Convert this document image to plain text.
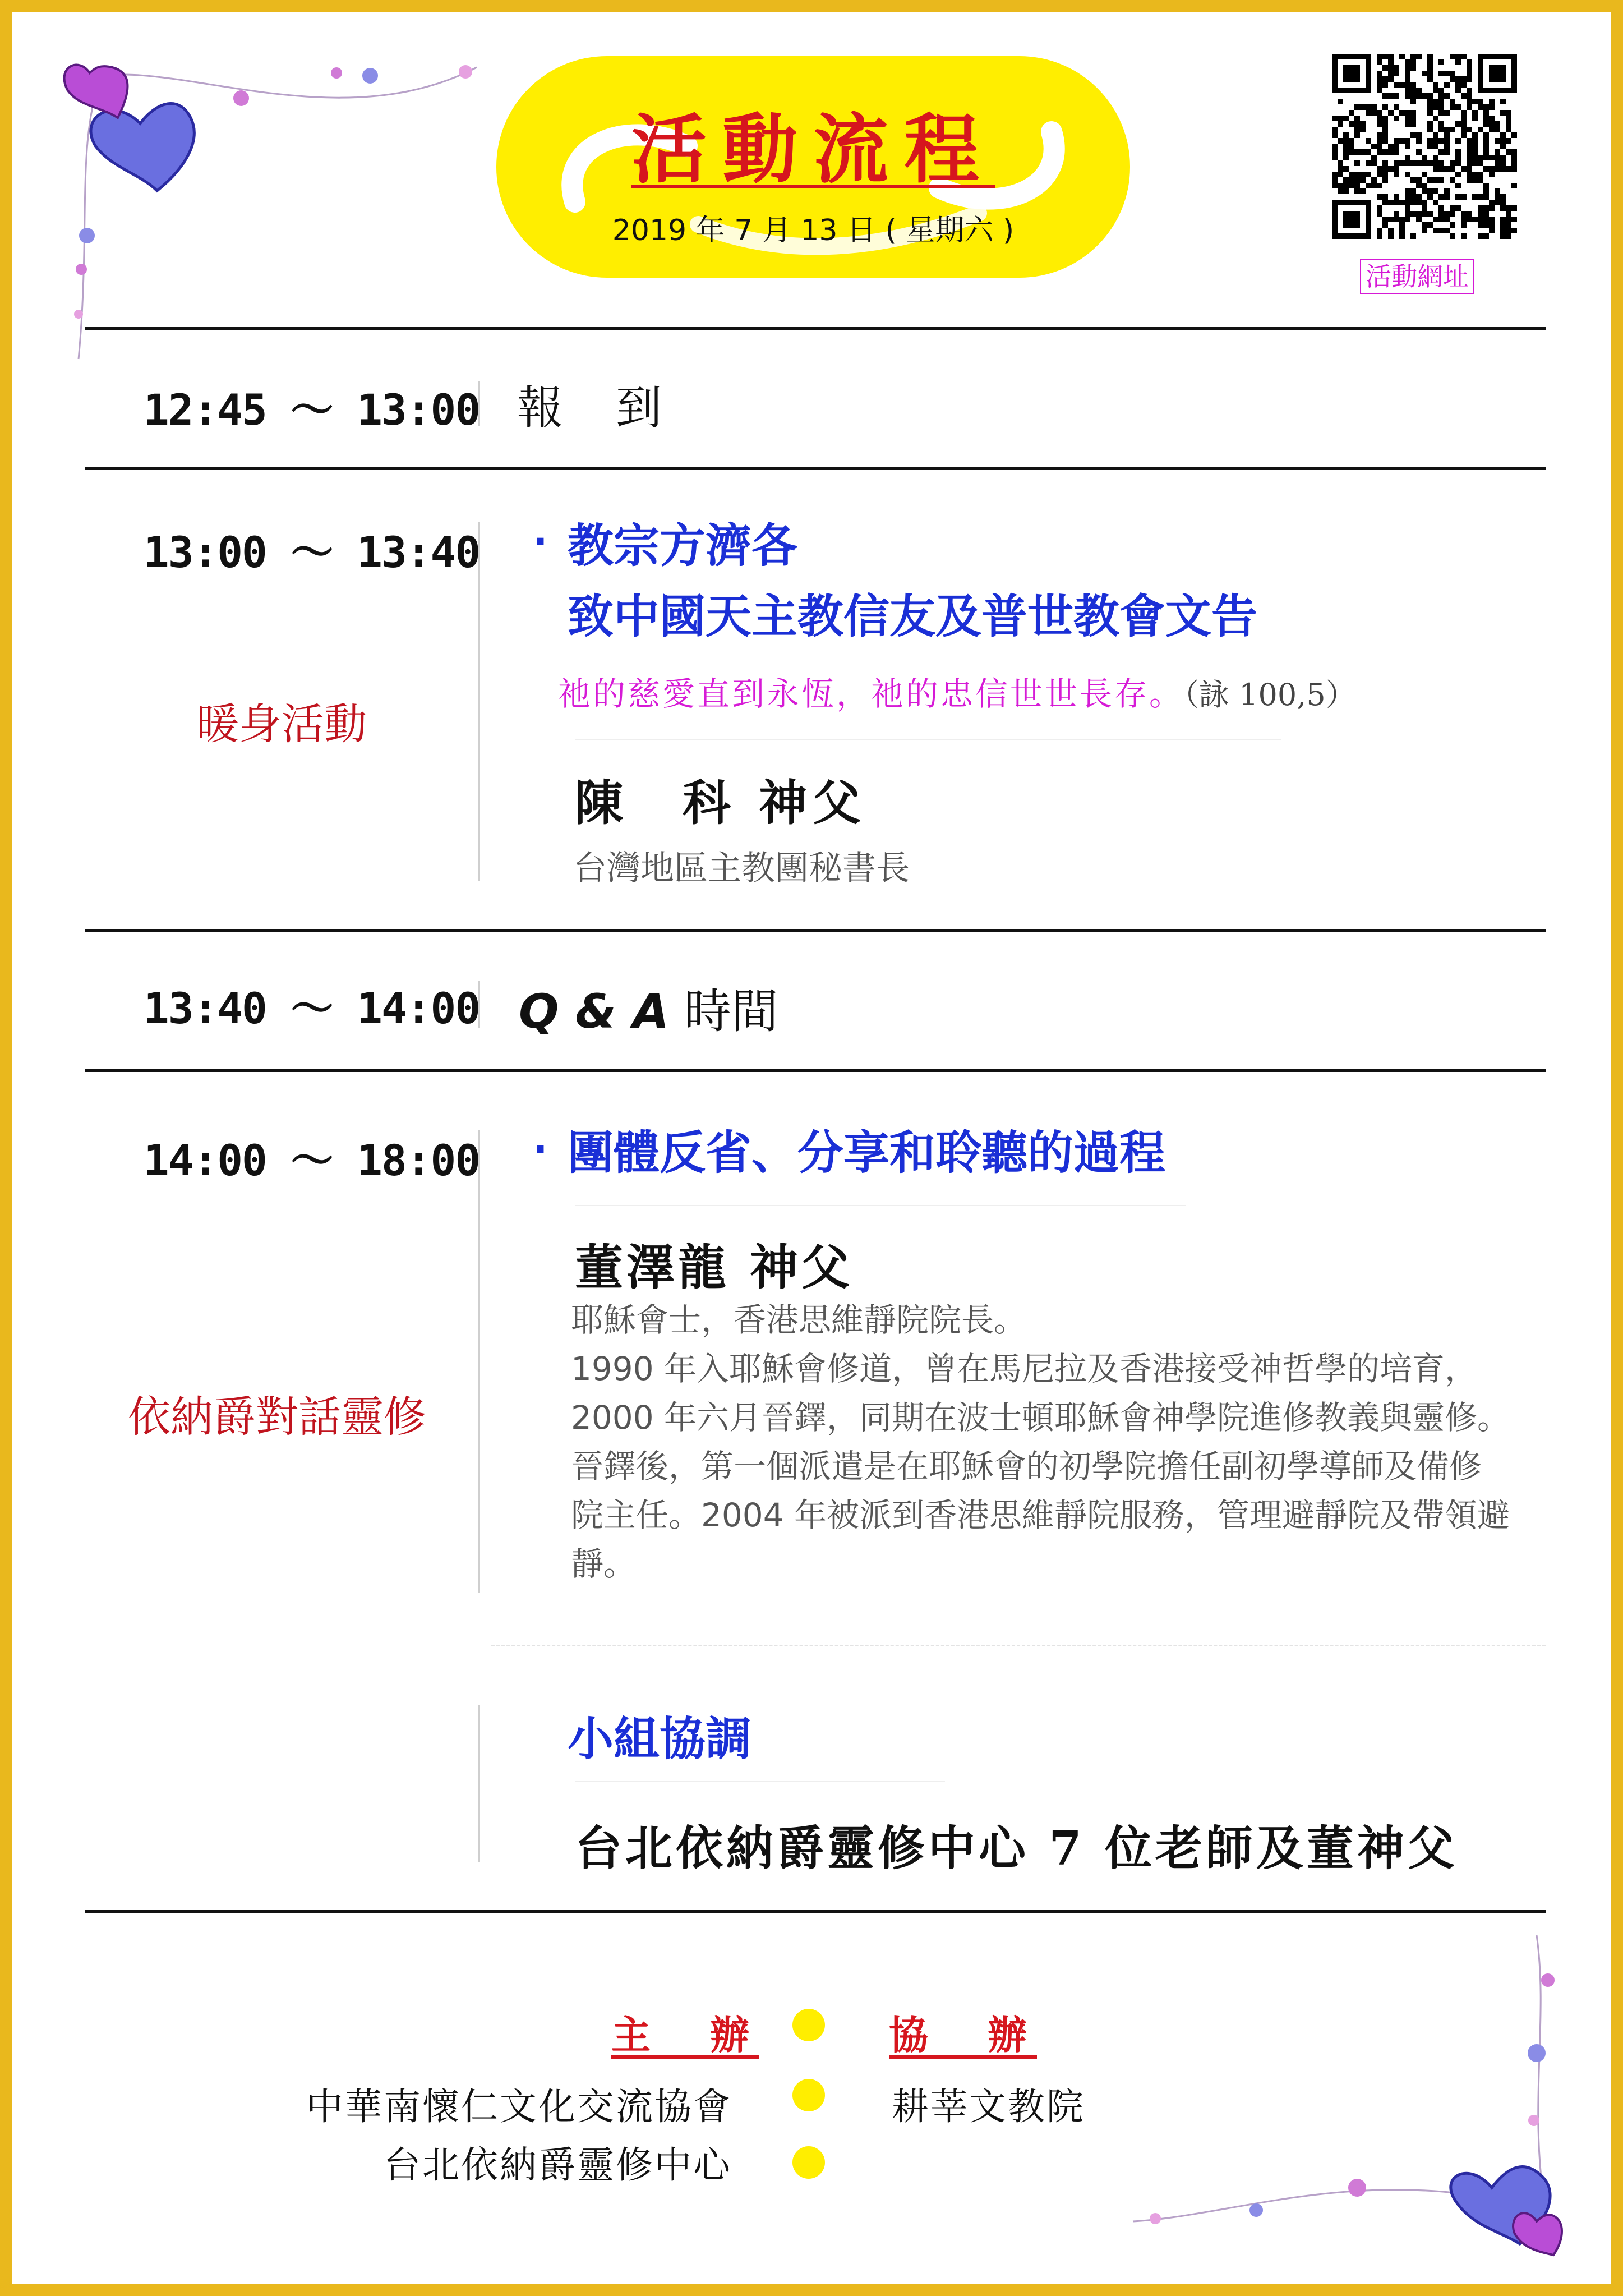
活動流程
2019 年 7 月 13 日 ( 星期六 )
活動網址
12:45 ～ 13:00 報　到
13:00 ～ 13:40
暖身活動
· 教宗方濟各
致中國天主教信友及普世教會文告
祂的慈愛直到永恆，祂的忠信世世長存。（詠 100,5）
陳　科 神父
台灣地區主教團秘書長
13:40 ～ 14:00 Q & A 時間
14:00 ～ 18:00
依納爵對話靈修
· 團體反省、分享和聆聽的過程
董澤龍 神父

耶穌會士，香港思維靜院院長。

1990 年入耶穌會修道，曾在馬尼拉及香港接受神哲學的培育，2000 年六月晉鐸，同期在波士頓耶穌會神學院進修教義與靈修。晉鐸後，第一個派遣是在耶穌會的初學院擔任副初學導師及備修院主任。2004 年被派到香港思維靜院服務，管理避靜院及帶領避靜。

小組協調
台北依納爵靈修中心 7 位老師及董神父
主　辦	協　辦
中華南懷仁文化交流協會
台北依納爵靈修中心
耕莘文教院
